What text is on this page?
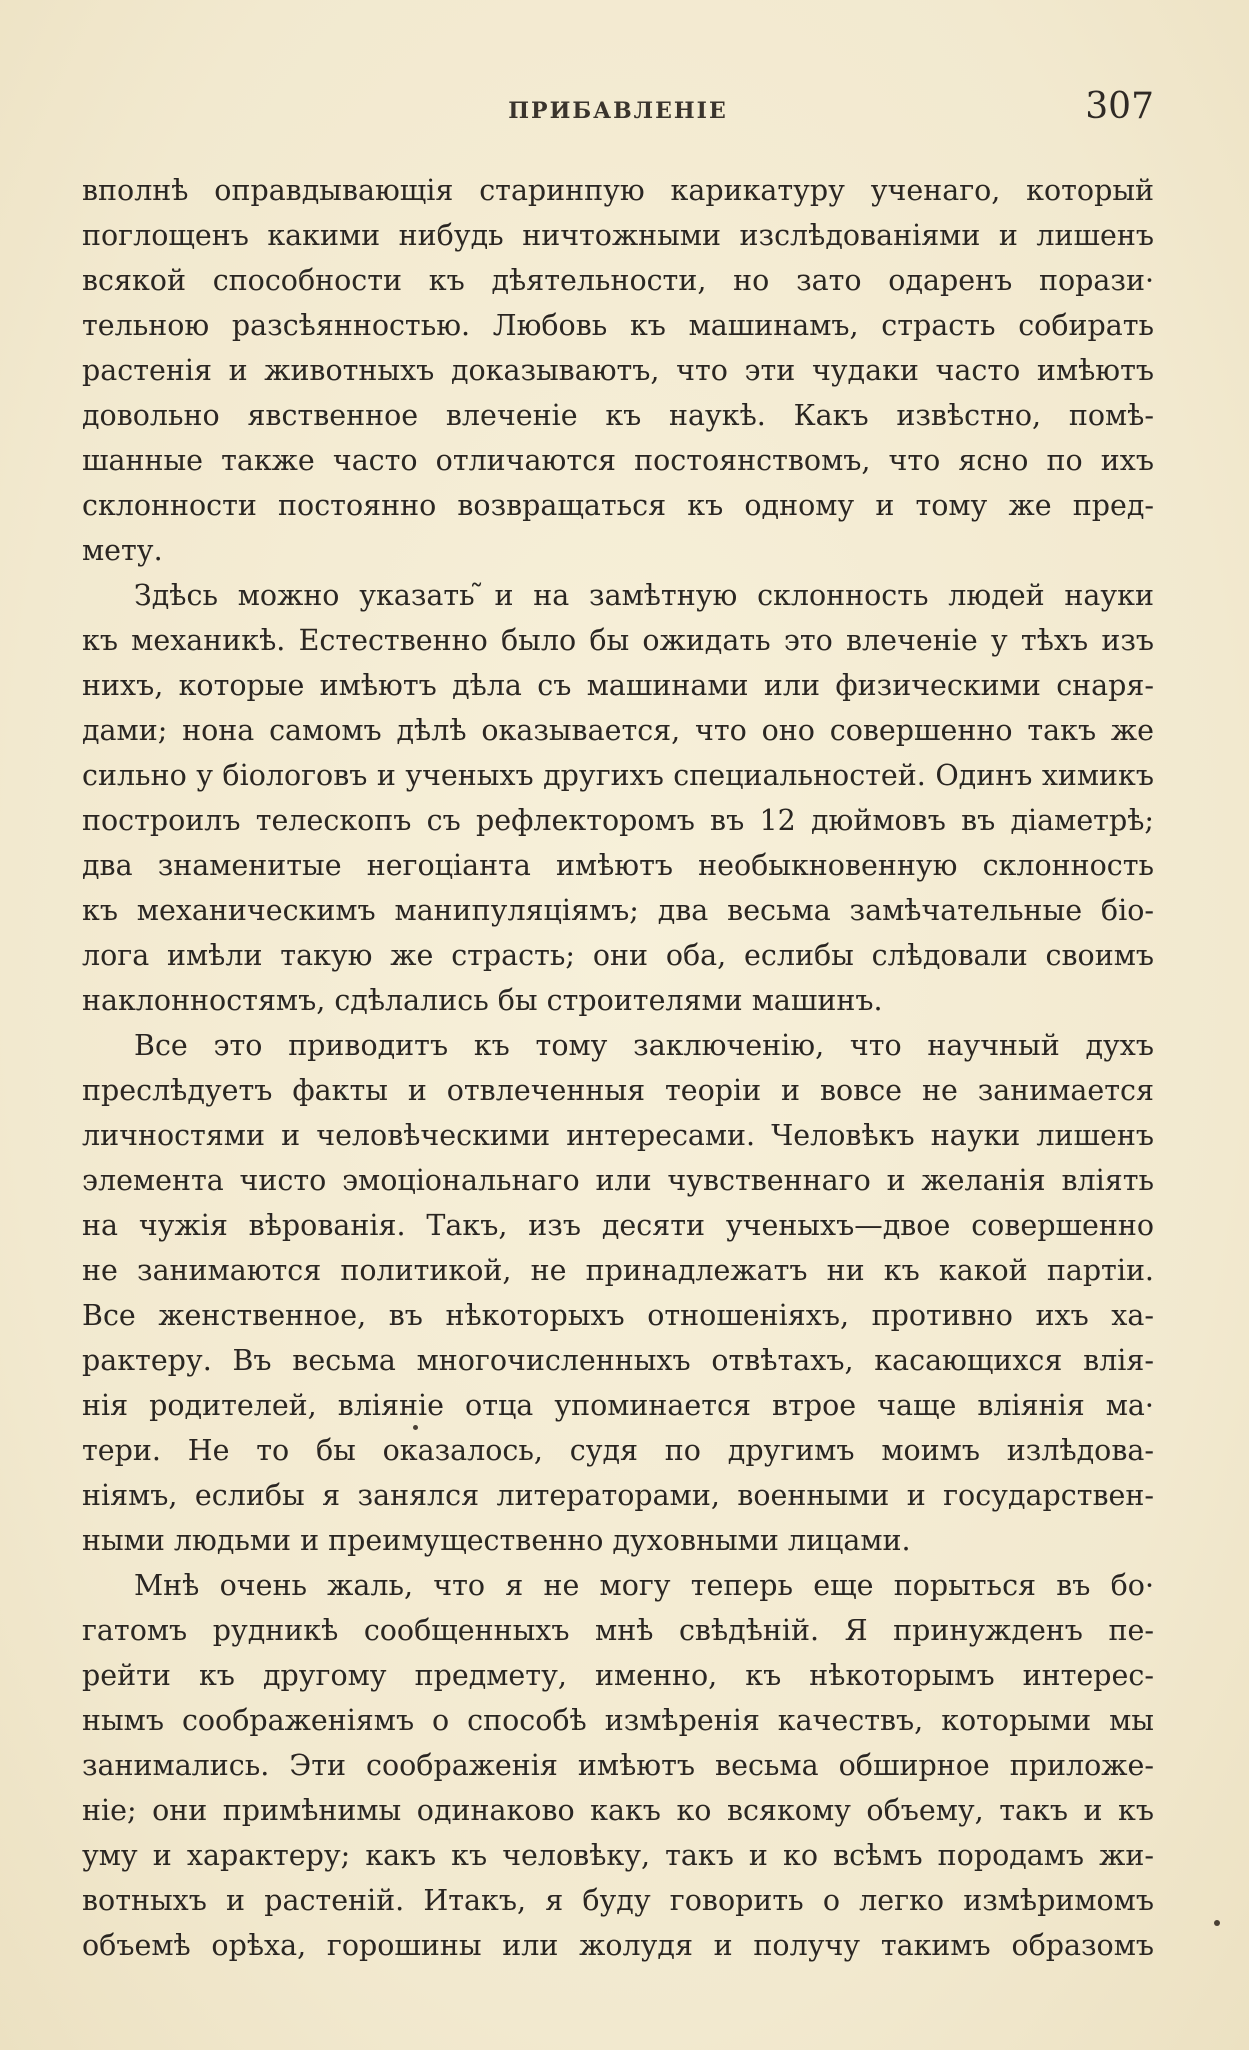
ПРИБАВЛЕНІЕ	307
вполнѣ оправдывающія старинпую карикатуру ученаго, который
поглощенъ какими нибудь ничтожными изслѣдованіями и лишенъ
всякой способности къ дѣятельности, но зато одаренъ порази·
тельною разсѣянностью. Любовь къ машинамъ, страсть собирать
растенія и животныхъ доказываютъ, что эти чудаки часто имѣютъ
довольно явственное влеченіе къ наукѣ. Какъ извѣстно, помѣ-
шанные также часто отличаются постоянствомъ, что ясно по ихъ
склонности постоянно возвращаться къ одному и тому же пред-
мету.
Здѣсь можно указать ̃и на замѣтную склонность людей науки
къ механикѣ. Естественно было бы ожидать это влеченіе у тѣхъ изъ
нихъ, которые имѣютъ дѣла съ машинами или физическими снаря-
дами; нона самомъ дѣлѣ оказывается, что оно совершенно такъ же
сильно у біологовъ и ученыхъ другихъ специальностей. Одинъ химикъ
построилъ телескопъ съ рефлекторомъ въ 12 дюймовъ въ діаметрѣ;
два знаменитые негоціанта имѣютъ необыкновенную склонность
къ механическимъ манипуляціямъ; два весьма замѣчательные біо-
лога имѣли такую же страсть; они оба, еслибы слѣдовали своимъ
наклонностямъ, сдѣлались бы строителями машинъ.
Все это приводитъ къ тому заключенію, что научный духъ
преслѣдуетъ факты и отвлеченныя теоріи и вовсе не занимается
личностями и человѣческими интересами. Человѣкъ науки лишенъ
элемента чисто эмоціональнаго или чувственнаго и желанія влiять
на чужія вѣрованія. Такъ, изъ десяти ученыхъ—двое совершенно
не занимаются политикой, не принадлежатъ ни къ какой партіи.
Все женственное, въ нѣкоторыхъ отношеніяхъ, противно ихъ ха-
рактеру. Въ весьма многочисленныхъ отвѣтахъ, касающихся влія-
нія родителей, вліяніе отца упоминается втрое чаще вліянія ма·
тери. Не то бы оказалось, судя по другимъ моимъ излѣдова-
ніямъ, еслибы я занялся литераторами, военными и государствен-
ными людьми и преимущественно духовными лицами.
Мнѣ очень жаль, что я не могу теперь еще порыться въ бо·
гатомъ рудникѣ сообщенныхъ мнѣ свѣдѣній. Я принужденъ пе-
рейти къ другому предмету, именно, къ нѣкоторымъ интерес-
нымъ соображеніямъ о способѣ измѣренія качествъ, которыми мы
занимались. Эти соображенія имѣютъ весьма обширное приложе-
ніе; они примѣнимы одинаково какъ ко всякому объему, такъ и къ
уму и характеру; какъ къ человѣку, такъ и ко всѣмъ породамъ жи-
вотныхъ и растеній. Итакъ, я буду говорить о легко измѣримомъ
объемѣ орѣха, горошины или жолудя и получу такимъ образомъ
